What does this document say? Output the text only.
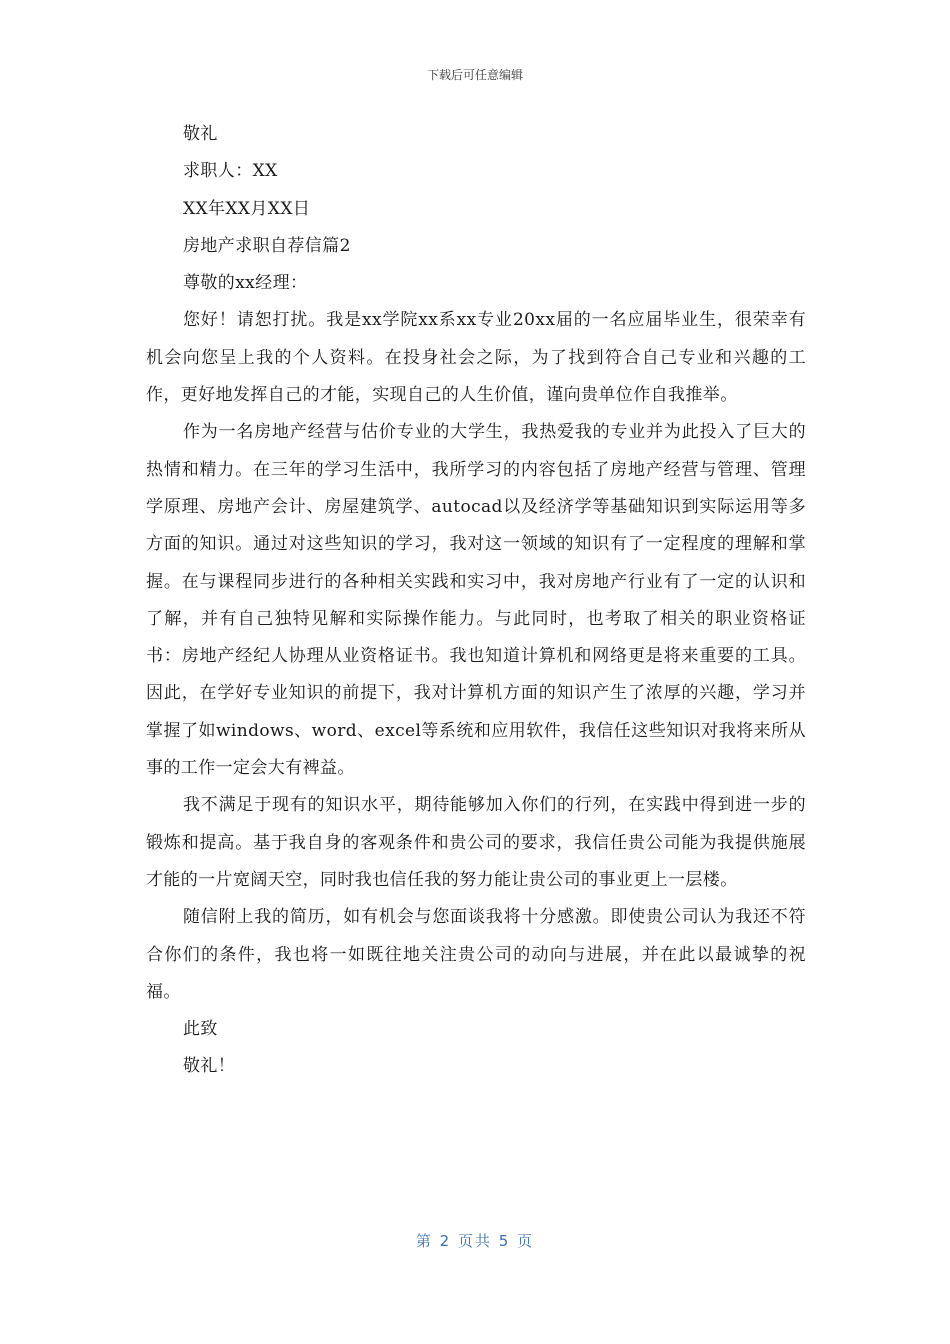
下载后可任意编辑

敬礼

求职人：XX

XX年XX月XX日

房地产求职自荐信篇2

尊敬的xx经理：

您好！请恕打扰。我是xx学院xx系xx专业20xx届的一名应届毕业生，很荣幸有机会向您呈上我的个人资料。在投身社会之际，为了找到符合自己专业和兴趣的工作，更好地发挥自己的才能，实现自己的人生价值，谨向贵单位作自我推举。

作为一名房地产经营与估价专业的大学生，我热爱我的专业并为此投入了巨大的热情和精力。在三年的学习生活中，我所学习的内容包括了房地产经营与管理、管理学原理、房地产会计、房屋建筑学、autocad以及经济学等基础知识到实际运用等多方面的知识。通过对这些知识的学习，我对这一领域的知识有了一定程度的理解和掌握。在与课程同步进行的各种相关实践和实习中，我对房地产行业有了一定的认识和了解，并有自己独特见解和实际操作能力。与此同时，也考取了相关的职业资格证书：房地产经纪人协理从业资格证书。我也知道计算机和网络更是将来重要的工具。因此，在学好专业知识的前提下，我对计算机方面的知识产生了浓厚的兴趣，学习并掌握了如windows、word、excel等系统和应用软件，我信任这些知识对我将来所从事的工作一定会大有裨益。

我不满足于现有的知识水平，期待能够加入你们的行列，在实践中得到进一步的锻炼和提高。基于我自身的客观条件和贵公司的要求，我信任贵公司能为我提供施展才能的一片宽阔天空，同时我也信任我的努力能让贵公司的事业更上一层楼。

随信附上我的简历，如有机会与您面谈我将十分感激。即使贵公司认为我还不符合你们的条件，我也将一如既往地关注贵公司的动向与进展，并在此以最诚挚的祝福。

此致

敬礼！

第 2 页共 5 页
